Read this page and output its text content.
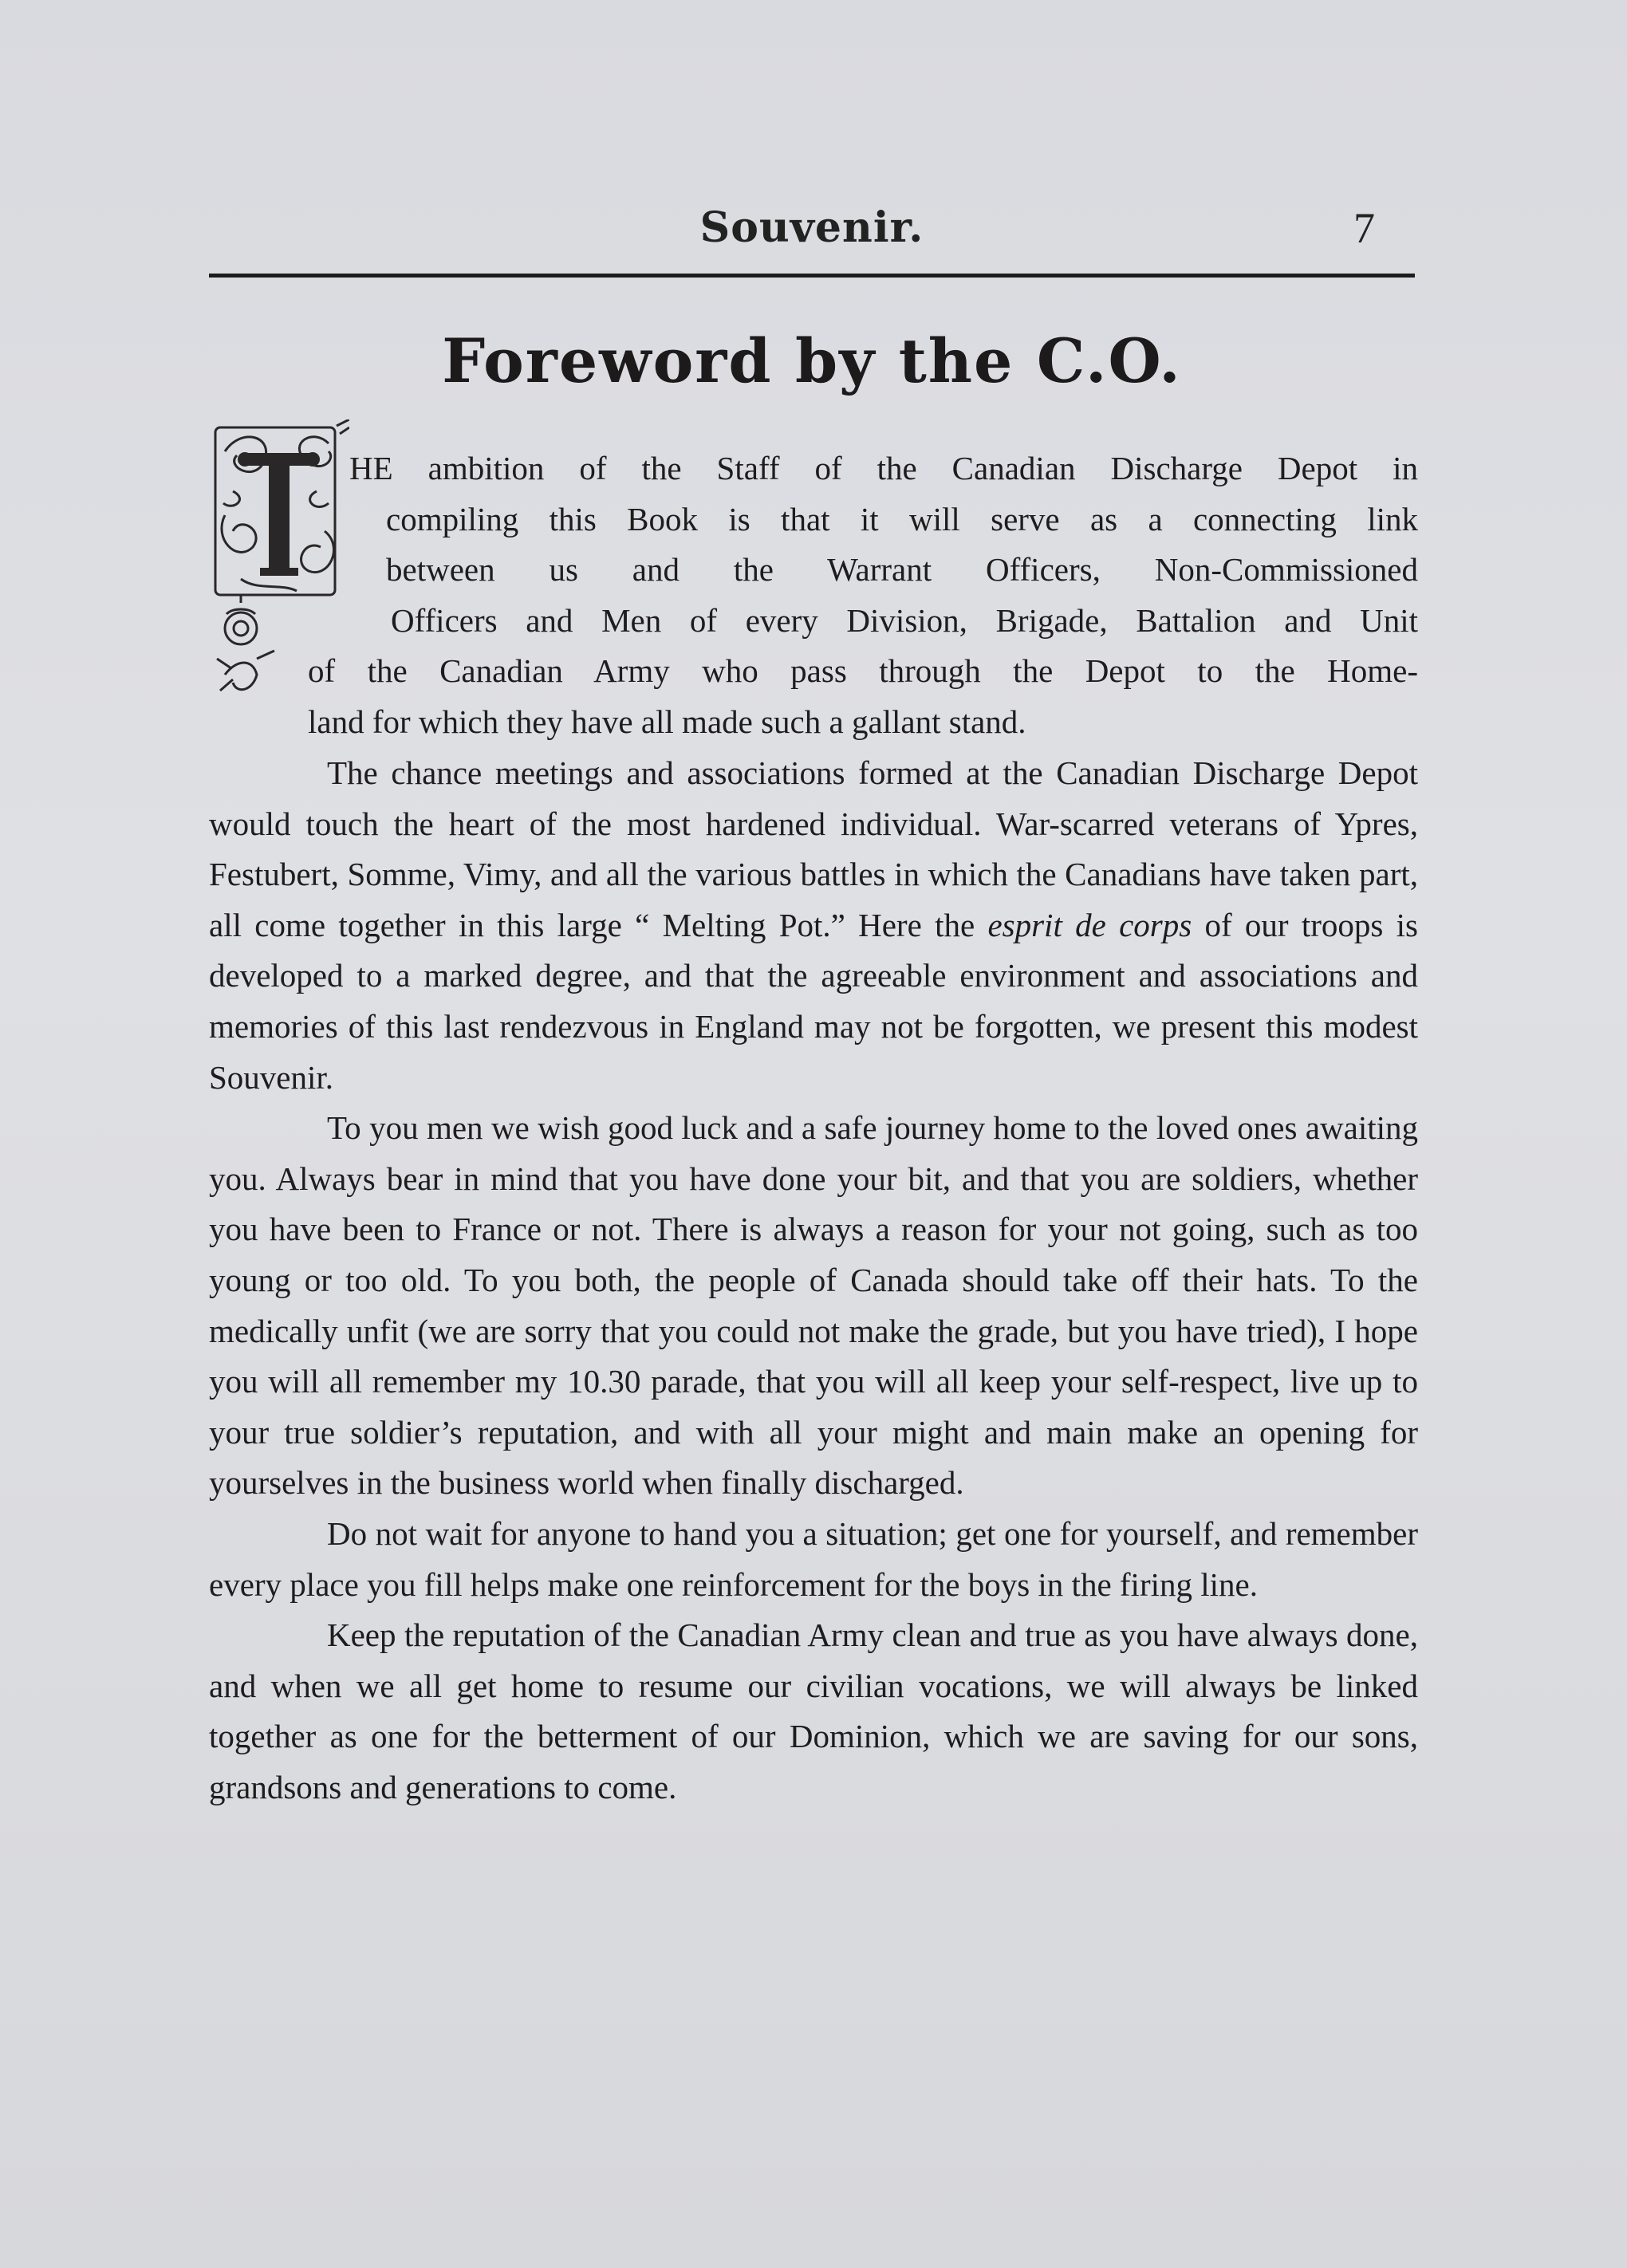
Souvenir.	7
Foreword by the C.O.
HE ambition of the Staff of the Canadian Discharge Depot in
compiling this Book is that it will serve as a connecting link
between us and the Warrant Officers, Non-Commissioned
Officers and Men of every Division, Brigade, Battalion and Unit
of the Canadian Army who pass through the Depot to the Home-
land for which they have all made such a gallant stand.

The chance meetings and associations formed at the Canadian Discharge Depot would touch the heart of the most hardened individual. War-scarred veterans of Ypres, Festubert, Somme, Vimy, and all the various battles in which the Canadians have taken part, all come together in this large “ Melting Pot.” Here the esprit de corps of our troops is developed to a marked degree, and that the agreeable environment and associations and memories of this last rendezvous in England may not be forgotten, we present this modest Souvenir.

To you men we wish good luck and a safe journey home to the loved ones awaiting you. Always bear in mind that you have done your bit, and that you are soldiers, whether you have been to France or not. There is always a reason for your not going, such as too young or too old. To you both, the people of Canada should take off their hats. To the medically unfit (we are sorry that you could not make the grade, but you have tried), I hope you will all remember my 10.30 parade, that you will all keep your self-respect, live up to your true soldier’s reputation, and with all your might and main make an opening for yourselves in the business world when finally discharged.

Do not wait for anyone to hand you a situation; get one for yourself, and remember every place you fill helps make one reinforcement for the boys in the firing line.

Keep the reputation of the Canadian Army clean and true as you have always done, and when we all get home to resume our civilian vocations, we will always be linked together as one for the betterment of our Dominion, which we are saving for our sons, grandsons and generations to come.
